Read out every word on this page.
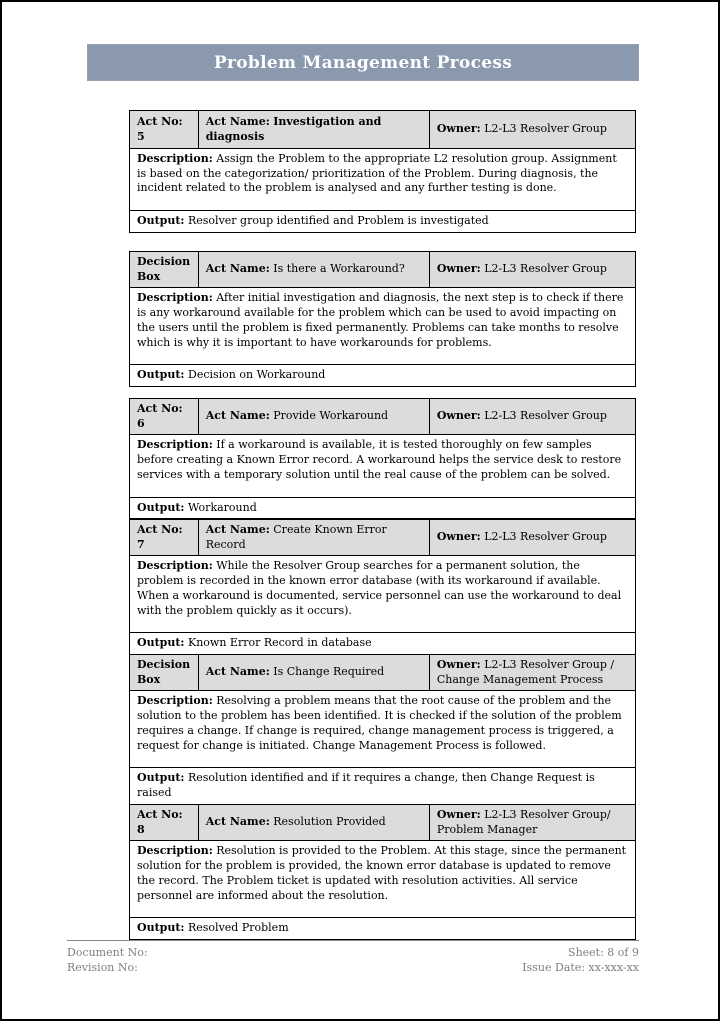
Problem Management Process
Act No: 5
Act Name: Investigation and diagnosis
Owner: L2-L3 Resolver Group
Description: Assign the Problem to the appropriate L2 resolution group. Assignment is based on the categorization/ prioritization of the Problem. During diagnosis, the incident related to the problem is analysed and any further testing is done.
Output: Resolver group identified and Problem is investigated
Decision Box
Act Name: Is there a Workaround?	Owner: L2-L3 Resolver Group
Description: After initial investigation and diagnosis, the next step is to check if there is any workaround available for the problem which can be used to avoid impacting on the users until the problem is fixed permanently. Problems can take months to resolve which is why it is important to have workarounds for problems.
Output: Decision on Workaround
Act No: 6
Act Name: Provide Workaround	Owner: L2-L3 Resolver Group
Description: If a workaround is available, it is tested thoroughly on few samples before creating a Known Error record. A workaround helps the service desk to restore services with a temporary solution until the real cause of the problem can be solved.
Output: Workaround
Act No: 7
Act Name: Create Known Error Record
Owner: L2-L3 Resolver Group
Description: While the Resolver Group searches for a permanent solution, the problem is recorded in the known error database (with its workaround if available. When a workaround is documented, service personnel can use the workaround to deal with the problem quickly as it occurs).
Output: Known Error Record in database
Decision Box
Act Name: Is Change Required
Owner: L2-L3 Resolver Group / Change Management Process
Description: Resolving a problem means that the root cause of the problem and the solution to the problem has been identified. It is checked if the solution of the problem requires a change. If change is required, change management process is triggered, a request for change is initiated. Change Management Process is followed.
Output: Resolution identified and if it requires a change, then Change Request is raised
Act No: 8
Act Name: Resolution Provided
Owner: L2-L3 Resolver Group/ Problem Manager
Description: Resolution is provided to the Problem. At this stage, since the permanent solution for the problem is provided, the known error database is updated to remove the record. The Problem ticket is updated with resolution activities. All service personnel are informed about the resolution.
Output: Resolved Problem
Document No:
Revision No:
Sheet: 8 of 9
Issue Date: xx-xxx-xx
